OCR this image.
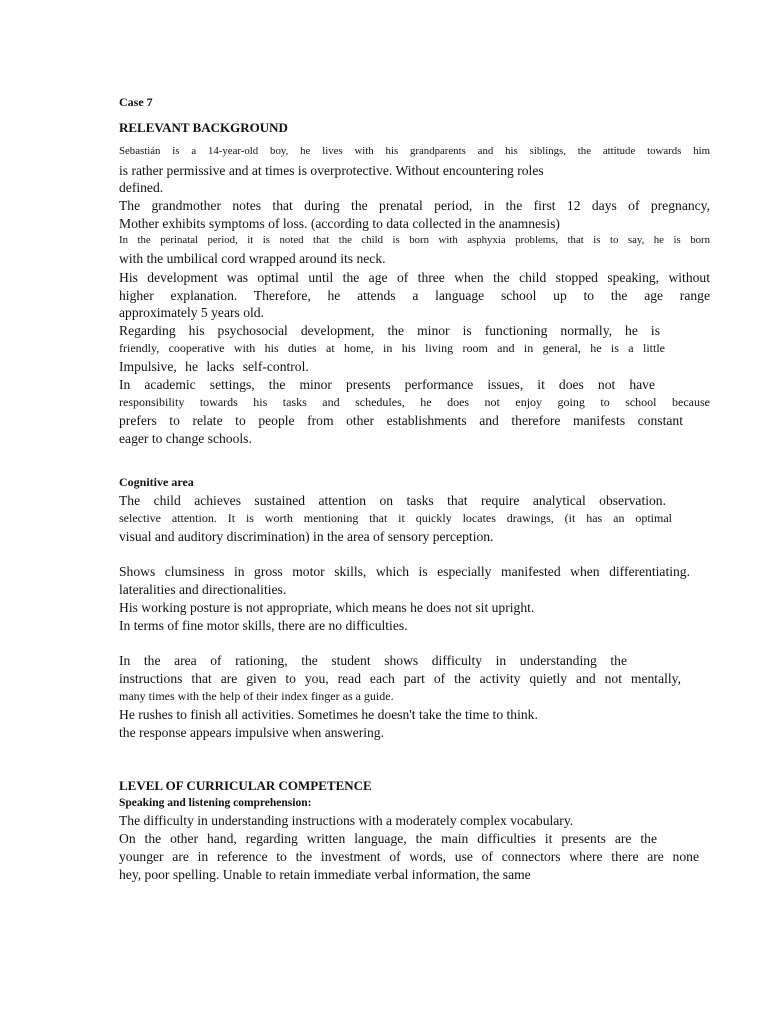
Case 7
RELEVANT BACKGROUND
Sebastián is a 14-year-old boy, he lives with his grandparents and his siblings, the attitude towards him
is rather permissive and at times is overprotective. Without encountering roles
defined.
The grandmother notes that during the prenatal period, in the first 12 days of pregnancy,
Mother exhibits symptoms of loss. (according to data collected in the anamnesis)
In the perinatal period, it is noted that the child is born with asphyxia problems, that is to say, he is born
with the umbilical cord wrapped around its neck.
His development was optimal until the age of three when the child stopped speaking, without
higher explanation. Therefore, he attends a language school up to the age range
approximately 5 years old.
Regarding his psychosocial development, the minor is functioning normally, he is
friendly, cooperative with his duties at home, in his living room and in general, he is a little
Impulsive, he lacks self-control.
In academic settings, the minor presents performance issues, it does not have
responsibility towards his tasks and schedules, he does not enjoy going to school because
prefers to relate to people from other establishments and therefore manifests constant
eager to change schools.
Cognitive area
The child achieves sustained attention on tasks that require analytical observation.
selective attention. It is worth mentioning that it quickly locates drawings, (it has an optimal
visual and auditory discrimination) in the area of sensory perception.
Shows clumsiness in gross motor skills, which is especially manifested when differentiating.
lateralities and directionalities.
His working posture is not appropriate, which means he does not sit upright.
In terms of fine motor skills, there are no difficulties.
In the area of rationing, the student shows difficulty in understanding the
instructions that are given to you, read each part of the activity quietly and not mentally,
many times with the help of their index finger as a guide.
He rushes to finish all activities. Sometimes he doesn't take the time to think.
the response appears impulsive when answering.
LEVEL OF CURRICULAR COMPETENCE
Speaking and listening comprehension:
The difficulty in understanding instructions with a moderately complex vocabulary.
On the other hand, regarding written language, the main difficulties it presents are the
younger are in reference to the investment of words, use of connectors where there are none
hey, poor spelling. Unable to retain immediate verbal information, the same
